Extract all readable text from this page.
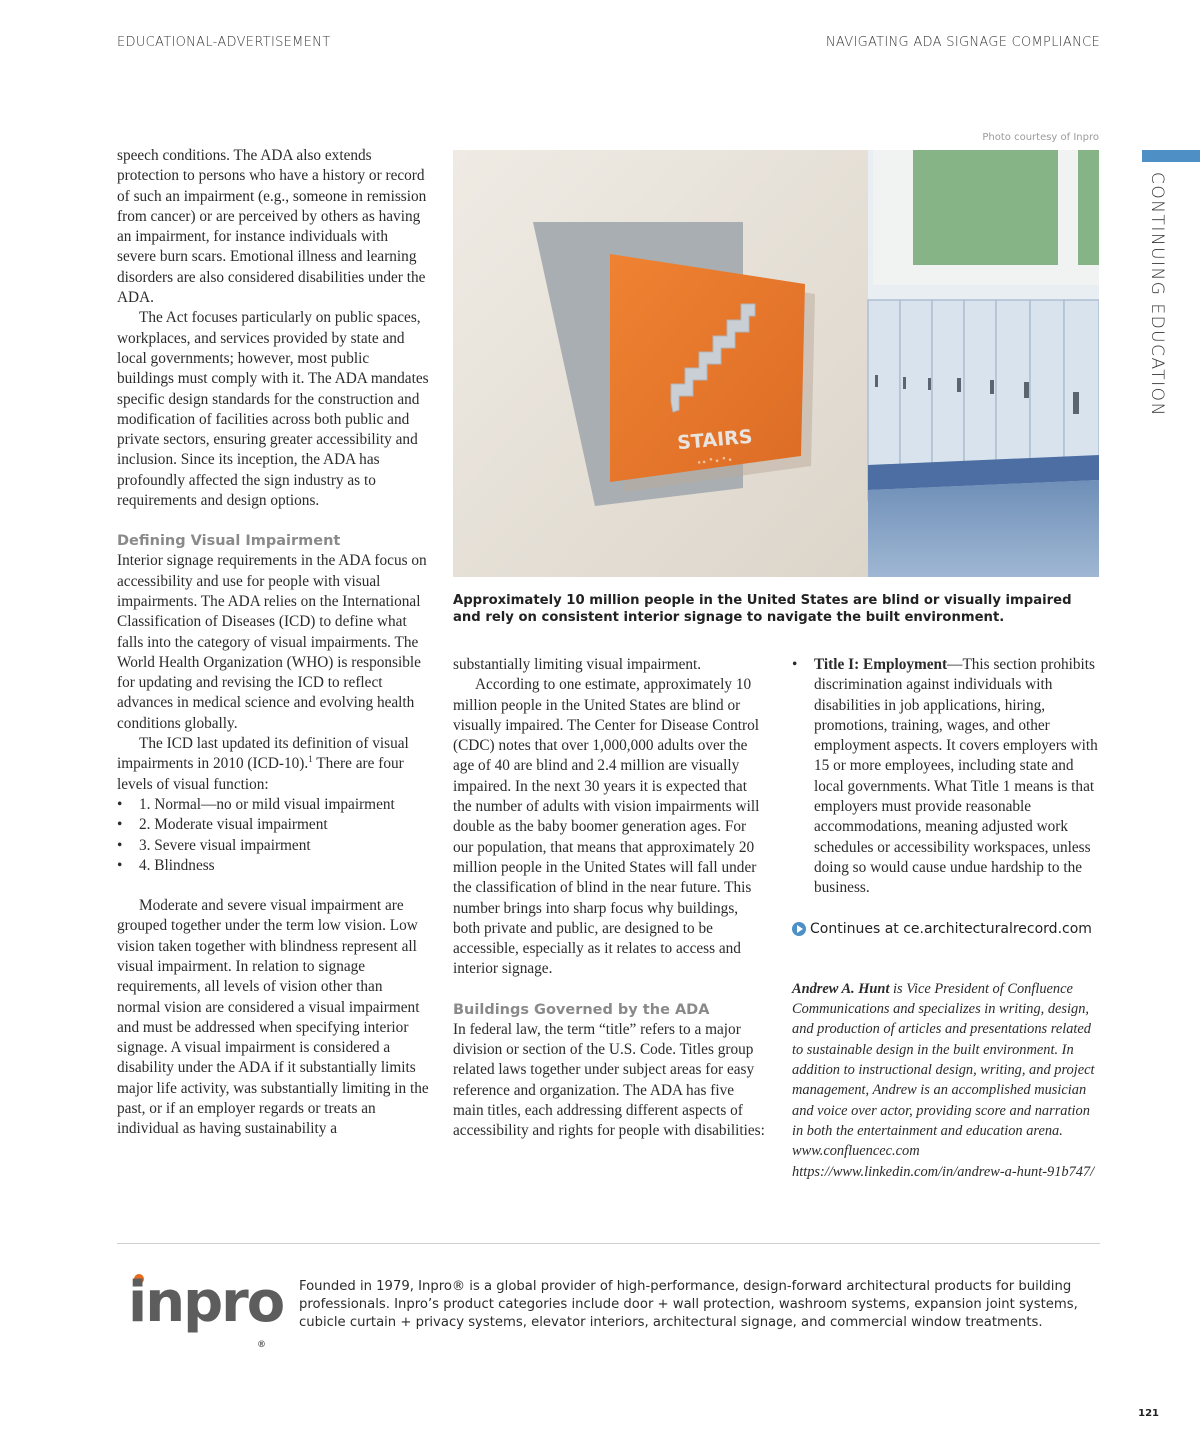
EDUCATIONAL-ADVERTISEMENT	NAVIGATING ADA SIGNAGE COMPLIANCE
CONTINUING EDUCATION
Photo courtesy of Inpro
STAIRS

Approximately 10 million people in the United States are blind or visually impaired and rely on consistent interior signage to navigate the built environment.

speech conditions. The ADA also extends protection to persons who have a history or record of such an impairment (e.g., someone in remission from cancer) or are perceived by others as having an impairment, for instance individuals with severe burn scars. Emotional illness and learning disorders are also considered disabilities under the ADA.

The Act focuses particularly on public spaces, workplaces, and services provided by state and local governments; however, most public buildings must comply with it. The ADA mandates specific design standards for the construction and modification of facilities across both public and private sectors, ensuring greater accessibility and inclusion. Since its inception, the ADA has profoundly affected the sign industry as to requirements and design options.

Defining Visual Impairment

Interior signage requirements in the ADA focus on accessibility and use for people with visual impairments. The ADA relies on the International Classification of Diseases (ICD) to define what falls into the category of visual impairments. The World Health Organization (WHO) is responsible for updating and revising the ICD to reflect advances in medical science and evolving health conditions globally.

The ICD last updated its definition of visual impairments in 2010 (ICD-10).$^1$ There are four levels of visual function:

• 1. Normal—no or mild visual impairment
• 2. Moderate visual impairment
• 3. Severe visual impairment
• 4. Blindness

Moderate and severe visual impairment are grouped together under the term low vision. Low vision taken together with blindness represent all visual impairment. In relation to signage requirements, all levels of vision other than normal vision are considered a visual impairment and must be addressed when specifying interior signage. A visual impairment is considered a disability under the ADA if it substantially limits major life activity, was substantially limiting in the past, or if an employer regards or treats an individual as having sustainability a

substantially limiting visual impairment.

According to one estimate, approximately 10 million people in the United States are blind or visually impaired. The Center for Disease Control (CDC) notes that over 1,000,000 adults over the age of 40 are blind and 2.4 million are visually impaired. In the next 30 years it is expected that the number of adults with vision impairments will double as the baby boomer generation ages. For our population, that means that approximately 20 million people in the United States will fall under the classification of blind in the near future. This number brings into sharp focus why buildings, both private and public, are designed to be accessible, especially as it relates to access and interior signage.

Buildings Governed by the ADA

In federal law, the term “title” refers to a major division or section of the U.S. Code. Titles group related laws together under subject areas for easy reference and organization. The ADA has five main titles, each addressing different aspects of accessibility and rights for people with disabilities:

• Title I: Employment—This section prohibits discrimination against individuals with disabilities in job applications, hiring, promotions, training, wages, and other employment aspects. It covers employers with 15 or more employees, including state and local governments. What Title 1 means is that employers must provide reasonable accommodations, meaning adjusted work schedules or accessibility workspaces, unless doing so would cause undue hardship to the business.
Continues at ce.architecturalrecord.com

Andrew A. Hunt is Vice President of Confluence Communications and specializes in writing, design, and production of articles and presentations related to sustainable design in the built environment. In addition to instructional design, writing, and project management, Andrew is an accomplished musician and voice over actor, providing score and narration in both the entertainment and education arena. www.confluencec.com https://www.linkedin.com/in/andrew-a-hunt-91b747/

inpro
®

Founded in 1979, Inpro® is a global provider of high-performance, design-forward architectural products for building professionals. Inpro’s product categories include door + wall protection, washroom systems, expansion joint systems, cubicle curtain + privacy systems, elevator interiors, architectural signage, and commercial window treatments.

121
